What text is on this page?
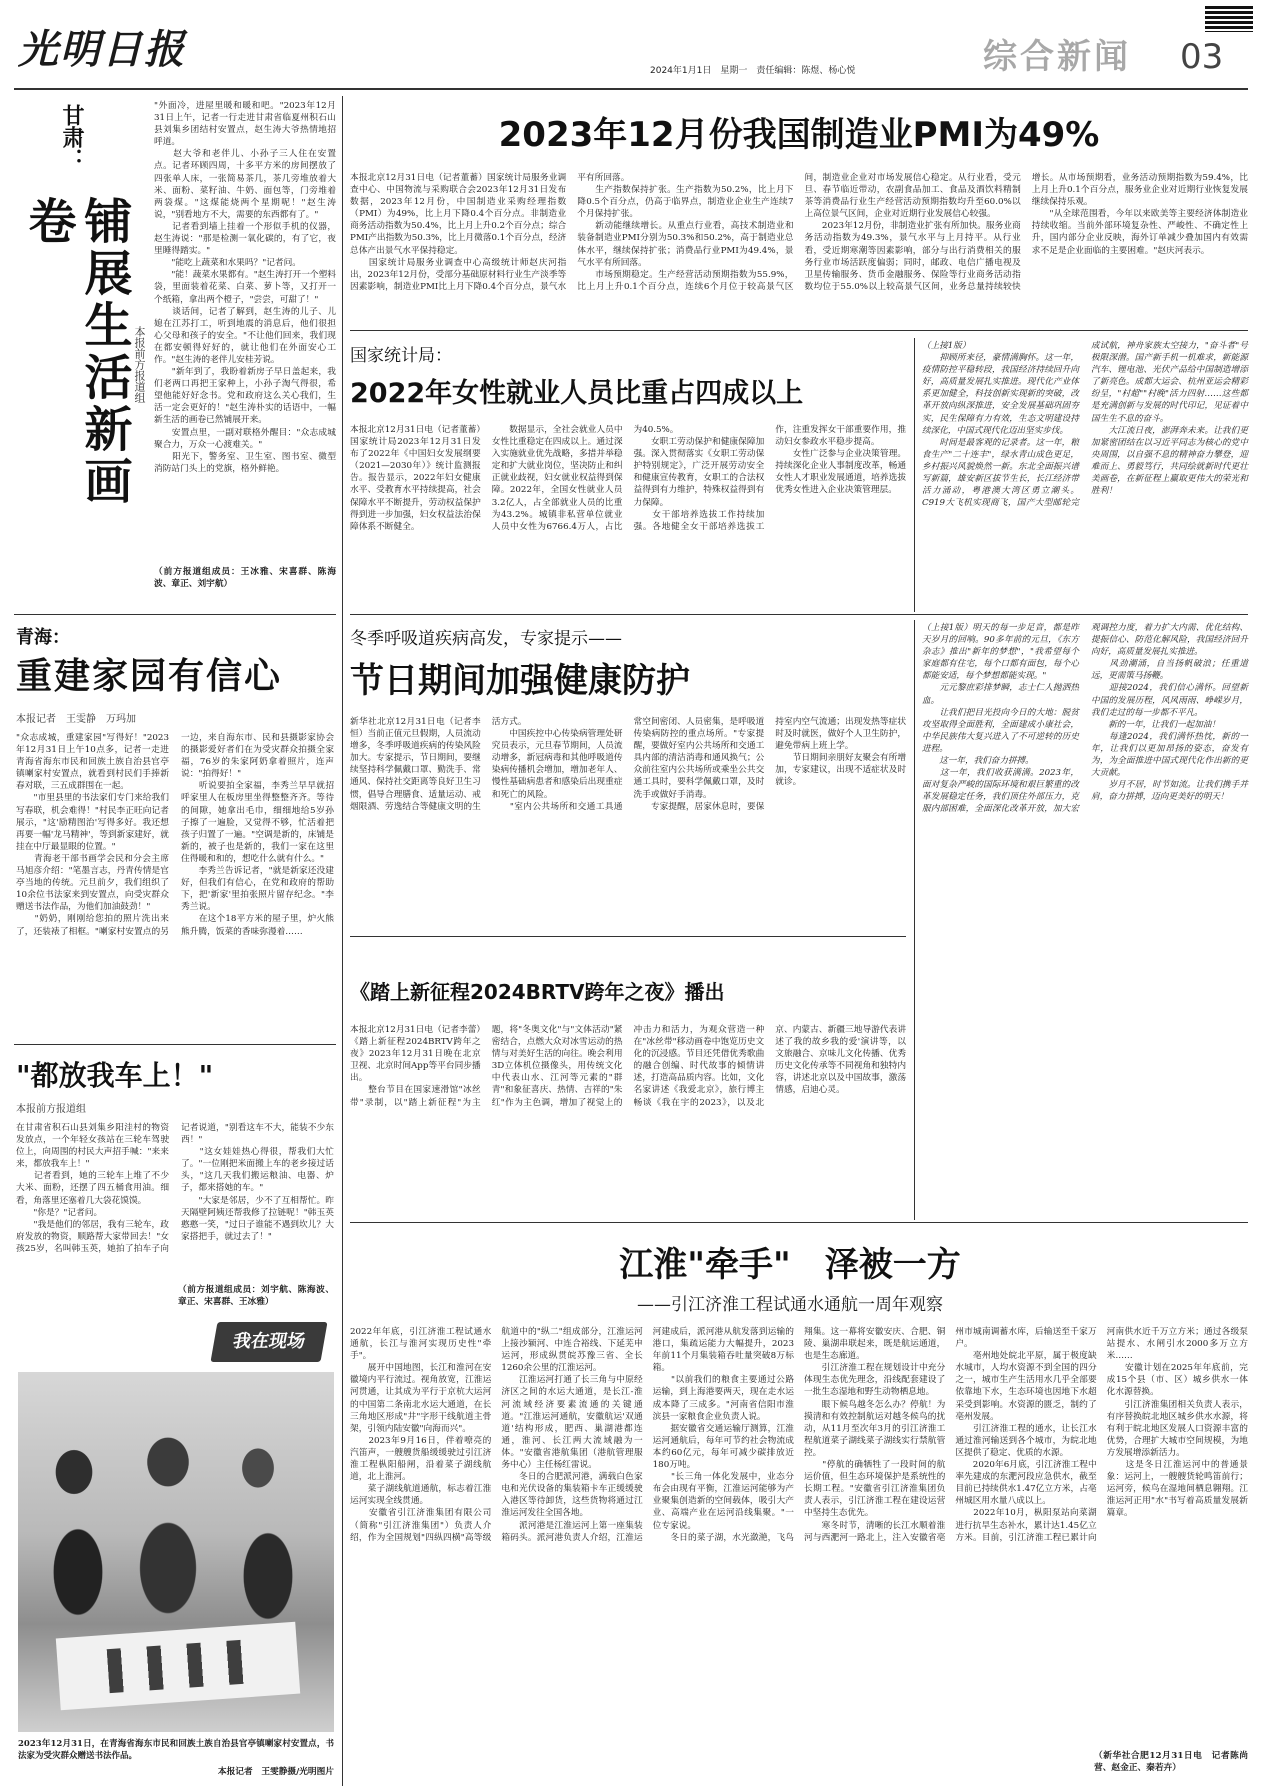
光明日报	2024年1月1日　星期一　责任编辑：陈煜、杨心悦	综合新闻	03
甘肃：
铺展生活新画卷
本报前方报道组
"外面冷，进屋里暖和暖和吧。"2023年12月31日上午，记者一行走进甘肃省临夏州积石山县刘集乡团结村安置点，赵生涛大爷热情地招呼道。
　　赵大爷和老伴儿、小孙子三人住在安置点。记者环顾四周，十多平方米的房间摆放了四张单人床，一张简易茶几，茶几旁堆放着大米、面粉、菜籽油、牛奶、面包等，门旁堆着两袋煤。"这煤能烧两个星期呢！"赵生涛说，"别看地方不大，需要的东西都有了。"
　　记者看到墙上挂着一个形似手机的仪器，赵生涛说："那是检测一氧化碳的，有了它，夜里睡得踏实。"
　　"能吃上蔬菜和水果吗？"记者问。
　　"能！蔬菜水果都有。"赵生涛打开一个塑料袋，里面装着花菜、白菜、萝卜等，又打开一个纸箱，拿出两个橙子，"尝尝，可甜了！"
　　谈话间，记者了解到，赵生涛的儿子、儿媳在江苏打工，听到地震的消息后，他们很担心父母和孩子的安全。"不让他们回来，我们现在都安顿得好好的，就让他们在外面安心工作。"赵生涛的老伴儿安桂芳说。
　　"新年到了，我盼着新房子早日盖起来，我们老两口再把王家种上，小孙子淘气得很，希望他能好好念书。党和政府这么关心我们，生活一定会更好的！"赵生涛朴实的话语中，一幅新生活的画卷已然铺展开来。
　　安置点里，一副对联格外醒目："众志成城聚合力，万众一心渡难关。"
　　阳光下，警务室、卫生室、图书室、微型消防站门头上的党旗，格外鲜艳。
（前方报道组成员：王冰雅、宋喜群、陈海波、章正、刘宇航）
青海：
重建家园有信心
本报记者　王雯静　万玛加
"众志成城，重建家园"写得好！"2023年12月31日上午10点多，记者一走进青海省海东市民和回族土族自治县官亭镇喇家村安置点，就看到村民们手捧新春对联，三五成群围在一起。
　　"市里县里的书法家们专门来给我们写春联，机会难得！"村民李正旺向记者展示，"这'励精图治'写得多好。我还想再要一幅'龙马精神'，等到新家建好，就挂在中厅最显眼的位置。"
　　青海老干部书画学会民和分会主席马旭彦介绍："笔墨言志，丹青传情是官亭当地的传统。元旦前夕，我们组织了10余位书法家来到安置点，向受灾群众赠送书法作品，为他们加油鼓劲！"
　　"奶奶，刚刚给您拍的照片洗出来了，还装裱了相框。"喇家村安置点的另一边，来自海东市、民和县摄影家协会的摄影爱好者们在为受灾群众拍摄全家福，76岁的朱家阿奶拿着照片，连声说："拍得好！"
　　听说要拍全家福，李秀兰早早就招呼家里人在板房里坐得整整齐齐。等待的间隙，她拿出毛巾，细细地给5岁孙子擦了一遍脸，又觉得不够，忙活着把孩子归置了一遍。"空调是新的，床铺是新的，被子也是新的，我们一家在这里住得暖和和的，想吃什么就有什么。"
　　李秀兰告诉记者，"就是新家还没建好，但我们有信心，在党和政府的帮助下，把'新家'里拍张照片留存纪念。"李秀兰说。
　　在这个18平方米的屋子里，炉火熊熊升腾，饭菜的香味弥漫着……
"都放我车上！"
本报前方报道组
在甘肃省积石山县刘集乡阳洼村的物资发放点，一个年轻女孩站在三轮车驾驶位上，向周围的村民大声招手喊："来来来，都放我车上！"
　　记者看到，她的三轮车上堆了不少大米、面粉，还摆了四五桶食用油。细看，角落里还塞着几大袋花馍馍。
　　"你是？"记者问。
　　"我是他们的邻居，我有三轮车，政府发放的物资，顺路帮大家带回去！"女孩25岁，名叫韩玉英，她拍了拍车子向记者说道，"别看这车不大，能装不少东西！"
　　"这女娃娃热心得很，帮我们大忙了。"一位刚把米面搬上车的老乡接过话头，"这几天我们搬运粮油、电器、炉子，都来搭她的车。"
　　"大家是邻居，少不了互相帮忙。昨天隔壁阿姨还帮我修了拉链呢！"韩玉英憨憨一笑，"过日子谁能不遇到坎儿？大家搭把手，就过去了！"
（前方报道组成员：刘宇航、陈海波、章正、宋喜群、王冰雅）
我在现场
2023年12月31日，在青海省海东市民和回族土族自治县官亭镇喇家村安置点，书法家为受灾群众赠送书法作品。
本报记者　王雯静摄/光明图片
2023年12月份我国制造业PMI为49%
本报北京12月31日电（记者董蓄）国家统计局服务业调查中心、中国物流与采购联合会2023年12月31日发布数据，2023年12月份，中国制造业采购经理指数（PMI）为49%，比上月下降0.4个百分点。非制造业商务活动指数为50.4%，比上月上升0.2个百分点；综合PMI产出指数为50.3%，比上月微落0.1个百分点，经济总体产出景气水平保持稳定。
　　国家统计局服务业调查中心高级统计师赵庆河指出，2023年12月份，受部分基础原材料行业生产淡季等因素影响，制造业PMI比上月下降0.4个百分点，景气水平有所回落。
　　生产指数保持扩张。生产指数为50.2%，比上月下降0.5个百分点，仍高于临界点，制造业企业生产连续7个月保持扩张。
　　新动能继续增长。从重点行业看，高技术制造业和装备制造业PMI分别为50.3%和50.2%，高于制造业总体水平，继续保持扩张；消费品行业PMI为49.4%，景气水平有所回落。
　　市场预期稳定。生产经营活动预期指数为55.9%，比上月上升0.1个百分点，连续6个月位于较高景气区间，制造业企业对市场发展信心稳定。从行业看，受元旦、春节临近带动，农副食品加工、食品及酒饮料精制茶等消费品行业生产经营活动预期指数均升至60.0%以上高位景气区间，企业对近期行业发展信心较强。
　　2023年12月份，非制造业扩张有所加快。服务业商务活动指数为49.3%，景气水平与上月持平。从行业看，受近期寒潮等因素影响，部分与出行消费相关的服务行业市场活跃度偏弱；同时，邮政、电信广播电视及卫星传输服务、货币金融服务、保险等行业商务活动指数均位于55.0%以上较高景气区间，业务总量持续较快增长。从市场预期看，业务活动预期指数为59.4%，比上月上升0.1个百分点，服务业企业对近期行业恢复发展继续保持乐观。
　　"从全球范围看，今年以来欧美等主要经济体制造业持续收缩。当前外部环境复杂性、严峻性、不确定性上升，国内部分企业反映，海外订单减少叠加国内有效需求不足是企业面临的主要困难。"赵庆河表示。
国家统计局：
2022年女性就业人员比重占四成以上
本报北京12月31日电（记者董蓄）国家统计局2023年12月31日发布了2022年《中国妇女发展纲要（2021—2030年）》统计监测报告。报告显示，2022年妇女健康水平、受教育水平持续提高，社会保障水平不断提升，劳动权益保护得到进一步加强，妇女权益法治保障体系不断健全。
　　数据显示，全社会就业人员中女性比重稳定在四成以上。通过深入实施就业优先战略，多措并举稳定和扩大就业岗位，坚决防止和纠正就业歧视，妇女就业权益得到保障。2022年，全国女性就业人员3.2亿人，占全部就业人员的比重为43.2%。城镇非私营单位就业人员中女性为6766.4万人，占比为40.5%。
　　女职工劳动保护和健康保障加强。深入贯彻落实《女职工劳动保护特别规定》，广泛开展劳动安全和健康宣传教育，女职工的合法权益得到有力维护，特殊权益得到有力保障。
　　女干部培养选拔工作持续加强。各地健全女干部培养选拔工作，注重发挥女干部重要作用，推动妇女参政水平稳步提高。
　　女性广泛参与企业决策管理。持续深化企业人事制度改革，畅通女性人才职业发展通道，培养选拔优秀女性进入企业决策管理层。
（上接1版）
　　抑顾所来径，豪情满胸怀。这一年，疫情防控平稳转段，我国经济持续回升向好，高质量发展扎实推进。现代化产业体系更加健全，科技创新实现新的突破，改革开放向纵深推进，安全发展基础巩固夯实，民生保障有力有效，生态文明建设持续深化，中国式现代化迈出坚实步伐。
　　时间是最客观的记录者。这一年，粮食生产"二十连丰"，绿水青山成色更足，乡村振兴风貌焕然一新。东北全面振兴谱写新篇，雄安新区拔节生长，长江经济带活力涌动，粤港澳大湾区勇立潮头。C919大飞机实现商飞，国产大型邮轮完成试航，神舟家族太空接力，"奋斗者"号极限深潜。国产新手机一机难求，新能源汽车、锂电池、光伏产品给中国制造增添了新亮色。成都大运会、杭州亚运会精彩纷呈，"村超""村晚"活力四射……这些都是充满创新与发展的时代印记，见证着中国生生不息的奋斗。
　　大江流日夜，澎湃奔未来。让我们更加紧密团结在以习近平同志为核心的党中央周围，以自强不息的精神奋力攀登，迎难而上、勇毅笃行，共同绘就新时代更壮美画卷，在新征程上赢取更伟大的荣光和胜利！
冬季呼吸道疾病高发，专家提示——
节日期间加强健康防护
新华社北京12月31日电（记者李恒）当前正值元旦假期，人员流动增多，冬季呼吸道疾病的传染风险加大。专家提示，节日期间，要继续坚持科学佩戴口罩、勤洗手、常通风、保持社交距离等良好卫生习惯，倡导合理膳食、适量运动、戒烟限酒、劳逸结合等健康文明的生活方式。
　　中国疾控中心传染病管理处研究员表示，元旦春节期间，人员流动增多，新冠病毒和其他呼吸道传染病传播机会增加，增加老年人、慢性基础病患者和感染后出现重症和死亡的风险。
　　"室内公共场所和交通工具通常空间密闭、人员密集，是呼吸道传染病防控的重点场所。"专家提醒，要做好室内公共场所和交通工具内部的清洁消毒和通风换气；公众前往室内公共场所或乘坐公共交通工具时，要科学佩戴口罩，及时洗手或做好手消毒。
　　专家提醒，居家休息时，要保持室内空气流通；出现发热等症状时及时就医，做好个人卫生防护，避免带病上班上学。
　　节日期间亲朋好友聚会有所增加，专家建议，出现不适症状及时就诊。
（上接1版）明天的每一步足音，都是昨天岁月的回响。90多年前的元旦，《东方杂志》推出"新年的梦想"，"我希望每个家庭都有住宅，每个口都有面包，每个心都能安适，每个梦想都能实现。"
　　元元黎庶彩排梦瞬，志士仁人抛洒热血。
　　让我们把目光投向今日的大地：脱贫攻坚取得全面胜利，全面建成小康社会，中华民族伟大复兴进入了不可逆转的历史进程。
　　这一年，我们奋力拼搏。
　　这一年，我们收获满满。2023年，面对复杂严峻的国际环境和艰巨繁重的改革发展稳定任务，我们顶住外部压力，克服内部困难，全面深化改革开放，加大宏观调控力度，着力扩大内需、优化结构、提振信心、防范化解风险，我国经济回升向好，高质量发展扎实推进。
　　风劲潮涌，自当扬帆破浪；任重道远，更需策马扬鞭。
　　迎接2024，我们信心满怀。回望新中国的发展历程，风风雨雨、峥嵘岁月，我们走过的每一步都不平凡。
　　新的一年，让我们一起加油！
　　每逢2024，我们满怀热忱，新的一年，让我们以更加昂扬的姿态，奋发有为，为全面推进中国式现代化作出新的更大贡献。
　　岁月不居，时节如流。让我们携手并肩，奋力拼搏，迈向更美好的明天！
《踏上新征程2024BRTV跨年之夜》播出
本报北京12月31日电（记者李蕾）《踏上新征程2024BRTV跨年之夜》2023年12月31日晚在北京卫视、北京时间App等平台同步播出。
　　整台节目在国家速滑馆"冰丝带"录制，以"踏上新征程"为主题，将"冬奥文化"与"文体活动"紧密结合，点燃大众对冰雪运动的热情与对美好生活的向往。晚会利用3D立体机位摄像头，用传统文化中代表山水、江河等元素的"群青"和象征喜庆、热情、吉祥的"朱红"作为主色调，增加了视觉上的冲击力和活力，为观众营造一种在"冰丝带"移动画卷中饱览历史文化的沉浸感。节目还凭借优秀歌曲的融合创编、时代故事的倾情讲述，打造高品质内容。比如，文化名家讲述《我爱北京》，旅行博主畅谈《我在宇的2023》，以及北京、内蒙古、新疆三地导游代表讲述了我的故乡我的爱'演讲等，以文旅融合、京味儿文化传播、优秀历史文化传承等不同视角和独特内容，讲述北京以及中国故事，激荡情感，启迪心灵。
江淮"牵手"　泽被一方
——引江济淮工程试通水通航一周年观察
2022年年底，引江济淮工程试通水通航，长江与淮河实现历史性"牵手"。
　　展开中国地图，长江和淮河在安徽境内平行流过。视角放宽，江淮运河贯通，让其成为平行于京杭大运河的中国第二条南北水运大通道，在长三角地区形成"井"字形干线航道主骨架，引领内陆安徽"向海而兴"。
　　2023年9月16日，伴着嘹亮的汽笛声，一艘艘货船缓缓驶过引江济淮工程枞阳船闸，沿着菜子湖线航道，北上淮河。
　　菜子湖线航道通航，标志着江淮运河实现全线贯通。
　　安徽省引江济淮集团有限公司（简称"引江济淮集团"）负责人介绍，作为全国规划"四纵四横"高等级航道中的"纵二"组成部分，江淮运河上接沙颍河、中连合裕线、下延芜申运河，形成纵贯皖苏豫三省、全长1260余公里的江淮运河。
　　江淮运河打通了长三角与中原经济区之间的水运大通道，是长江-淮河流域经济要素流通的关键通道。"江淮运河通航，安徽航运'双通道'结构形成，肥西、巢湖港都连通，淮河、长江两大流域融为一体。"安徽省港航集团（港航管理服务中心）主任杨红雷说。
　　冬日的合肥派河港，满载白色家电和光伏设备的集装箱卡车正缓缓驶入港区等待卸货，这些货物将通过江淮运河发往全国各地。
　　派河港是江淮运河上第一座集装箱码头。派河港负责人介绍，江淮运河建成后，派河港从航发落到运输的港口，集疏运能力大幅提升，2023年前11个月集装箱吞吐量突破8万标箱。
　　"以前我们的粮食主要通过公路运输，到上海港要两天，现在走水运成本降了三成多。"河南省信阳市淮滨县一家粮食企业负责人说。
　　据安徽省交通运输厅测算，江淮运河通航后，每年可节约社会物流成本约60亿元，每年可减少碳排放近180万吨。
　　"长三角一体化发展中，业态分布会由现有平衡，江淮运河能够为产业聚集创造新的空间载体，吸引大产业、高端产业在运河沿线集聚。"一位专家说。
　　冬日的菜子湖，水光潋滟，飞鸟翔集。这一幕将安徽安庆、合肥、铜陵、巢湖串联起来，既是航运通道，也是生态廊道。
　　引江济淮工程在规划设计中充分体现生态优先理念，沿线配套建设了一批生态湿地和野生动物栖息地。
　　眼下候鸟越冬怎么办？停航！为摸清和有效控制航运对越冬候鸟的扰动，从11月至次年3月的引江济淮工程航道菜子湖线菜子湖线实行禁航管控。
　　"停航的确牺牲了一段时间的航运价值，但生态环境保护是系统性的长期工程。"安徽省引江济淮集团负责人表示，引江济淮工程在建设运营中坚持生态优先。
　　寒冬时节，清晰的长江水顺着淮河与西淝河一路北上，注入安徽省亳州市城南调蓄水库，后输送至千家万户。
　　亳州地处皖北平原，属于极度缺水城市，人均水资源不到全国的四分之一，城市生产生活用水几乎全部要依靠地下水，生态环境也因地下水超采受到影响。水资源的匮乏，制约了亳州发展。
　　引江济淮工程的通水，让长江水通过淮河输送到各个城市，为皖北地区提供了稳定、优质的水源。
　　2020年6月底，引江济淮工程中率先建成的东淝河段应急供水，截至目前已持续供水1.47亿立方米，占亳州城区用水量八成以上。
　　2022年10月，枞阳泵站向菜湖进行抗旱生态补水，累计达1.45亿立方米。目前，引江济淮工程已累计向河南供水近千万立方米；通过各级泵站提水、水闸引水2000多万立方米……
　　安徽计划在2025年年底前，完成15个县（市、区）城乡供水一体化水源替换。
　　引江济淮集团相关负责人表示，有序替换皖北地区城乡供水水源，将有利于皖北地区发展人口资源丰富的优势，合理扩大城市空间规模，为地方发展增添新活力。
　　这是冬日江淮运河中的普通景象：运河上，一艘艘货轮鸣笛前行；运河旁，候鸟在湿地间栖息翱翔。江淮运河正用"水"书写着高质量发展新篇章。
（新华社合肥12月31日电　记者陈尚营、赵金正、秦若卉）
